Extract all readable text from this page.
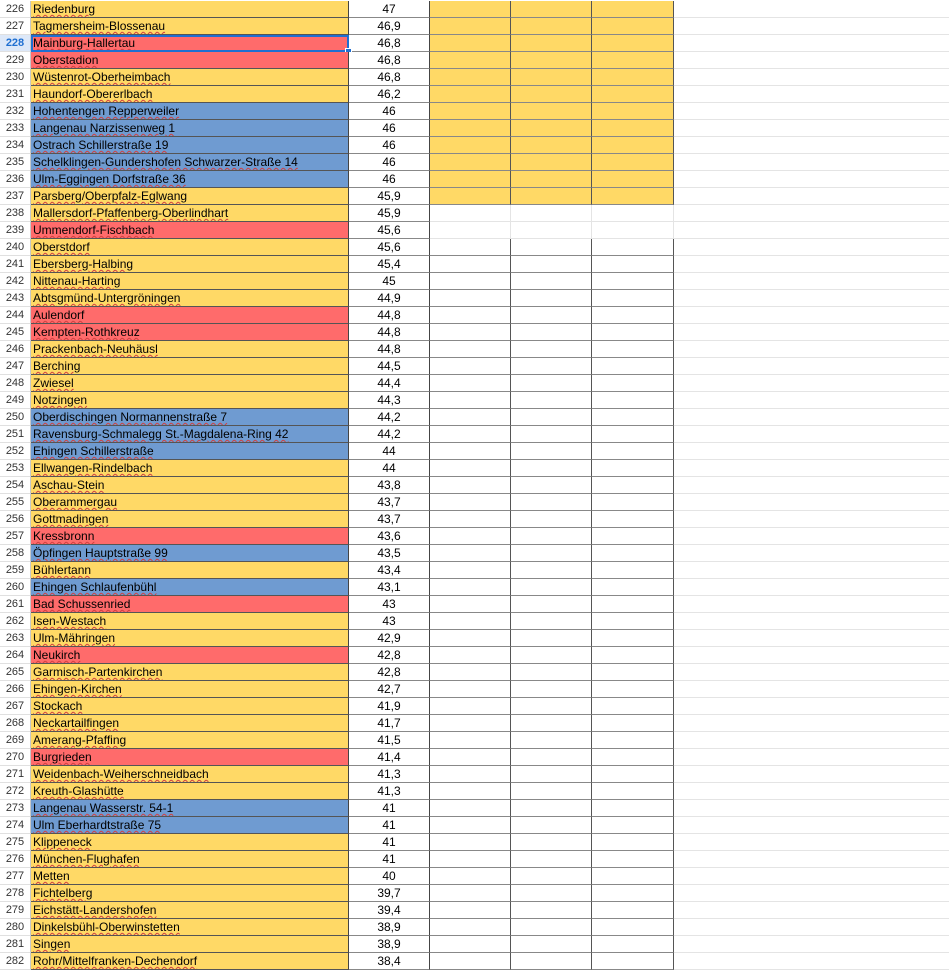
226 Riedenburg	47
227 Tagmersheim-Blossenau	46,9
228 Mainburg-Hallertau	46,8
229 Oberstadion	46,8
230 Wüstenrot-Oberheimbach	46,8
231 Haundorf-Obererlbach	46,2
232 Hohentengen Repperweiler	46
233 Langenau Narzissenweg 1	46
234 Ostrach Schillerstraße 19	46
235 Schelklingen-Gundershofen Schwarzer-Straße 14	46
236 Ulm-Eggingen Dorfstraße 36	46
237 Parsberg/Oberpfalz-Eglwang	45,9
238 Mallersdorf-Pfaffenberg-Oberlindhart	45,9
239 Ummendorf-Fischbach	45,6
240 Oberstdorf	45,6
241 Ebersberg-Halbing	45,4
242 Nittenau-Harting	45
243 Abtsgmünd-Untergröningen	44,9
244 Aulendorf	44,8
245 Kempten-Rothkreuz	44,8
246 Prackenbach-Neuhäusl	44,8
247 Berching	44,5
248 Zwiesel	44,4
249 Notzingen	44,3
250 Oberdischingen Normannenstraße 7	44,2
251 Ravensburg-Schmalegg St.-Magdalena-Ring 42	44,2
252 Ehingen Schillerstraße	44
253 Ellwangen-Rindelbach	44
254 Aschau-Stein	43,8
255 Oberammergau	43,7
256 Gottmadingen	43,7
257 Kressbronn	43,6
258 Öpfingen Hauptstraße 99	43,5
259 Bühlertann	43,4
260 Ehingen Schlaufenbühl	43,1
261 Bad Schussenried	43
262 Isen-Westach	43
263 Ulm-Mähringen	42,9
264 Neukirch	42,8
265 Garmisch-Partenkirchen	42,8
266 Ehingen-Kirchen	42,7
267 Stockach	41,9
268 Neckartailfingen	41,7
269 Amerang-Pfaffing	41,5
270 Burgrieden	41,4
271 Weidenbach-Weiherschneidbach	41,3
272 Kreuth-Glashütte	41,3
273 Langenau Wasserstr. 54-1	41
274 Ulm Eberhardtstraße 75	41
275 Klippeneck	41
276 München-Flughafen	41
277 Metten	40
278 Fichtelberg	39,7
279 Eichstätt-Landershofen	39,4
280 Dinkelsbühl-Oberwinstetten	38,9
281 Singen	38,9
282 Rohr/Mittelfranken-Dechendorf	38,4
